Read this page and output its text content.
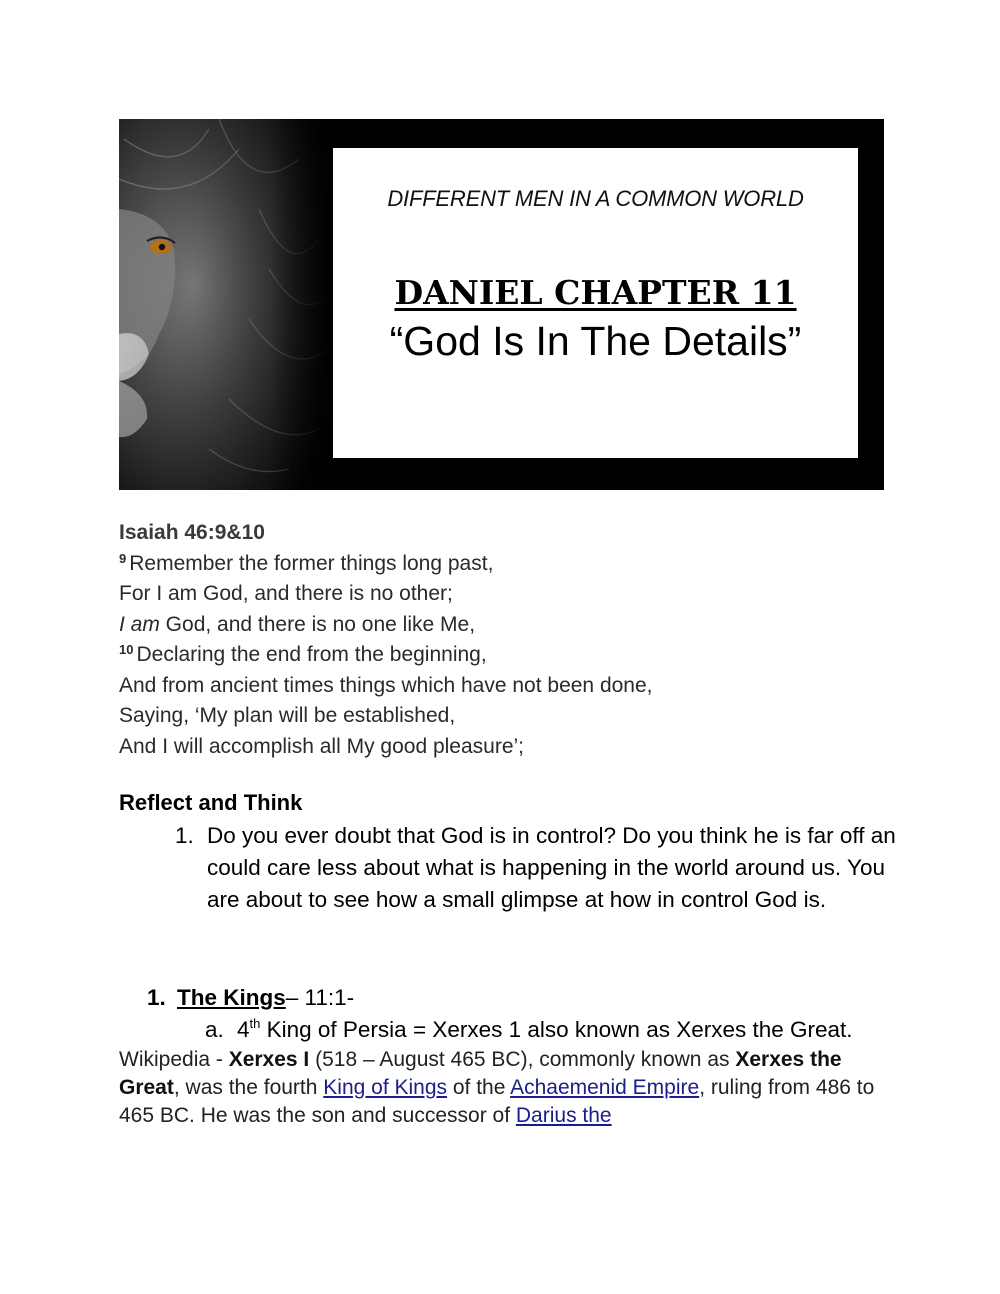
DIFFERENT MEN IN A COMMON WORLD
DANIEL CHAPTER 11
“God Is In The Details”
Isaiah 46:9&10
$^9$ Remember the former things long past,
For I am God, and there is no other;
I am God, and there is no one like Me,
$^{10}$ Declaring the end from the beginning,
And from ancient times things which have not been done,
Saying, ‘My plan will be established,
And I will accomplish all My good pleasure’;
Reflect and Think
1. Do you ever doubt that God is in control? Do you think he is far off an could care less about what is happening in the world around us. You are about to see how a small glimpse at how in control God is.
1. The Kings– 11:1-
a. 4th King of Persia = Xerxes 1 also known as Xerxes the Great.
Wikipedia - Xerxes I (518 – August 465 BC), commonly known as Xerxes the Great, was the fourth King of Kings of the Achaemenid Empire, ruling from 486 to 465 BC. He was the son and successor of Darius the
